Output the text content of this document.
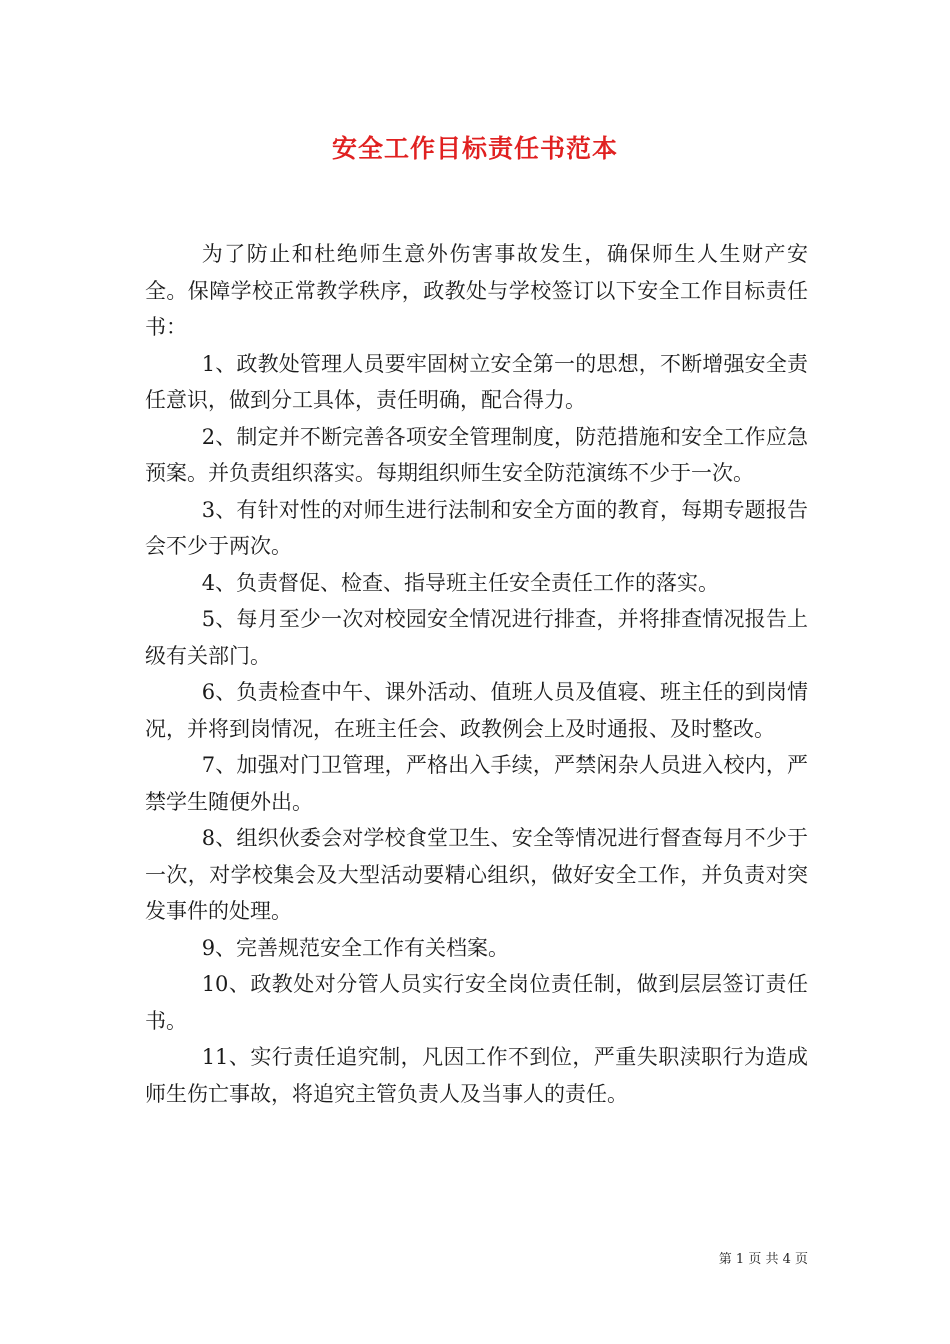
安全工作目标责任书范本

为了防止和杜绝师生意外伤害事故发生，确保师生人生财产安全。保障学校正常教学秩序，政教处与学校签订以下安全工作目标责任书：

1、政教处管理人员要牢固树立安全第一的思想，不断增强安全责任意识，做到分工具体，责任明确，配合得力。

2、制定并不断完善各项安全管理制度，防范措施和安全工作应急预案。并负责组织落实。每期组织师生安全防范演练不少于一次。

3、有针对性的对师生进行法制和安全方面的教育，每期专题报告会不少于两次。

4、负责督促、检查、指导班主任安全责任工作的落实。

5、每月至少一次对校园安全情况进行排查，并将排查情况报告上级有关部门。

6、负责检查中午、课外活动、值班人员及值寝、班主任的到岗情况，并将到岗情况，在班主任会、政教例会上及时通报、及时整改。

7、加强对门卫管理，严格出入手续，严禁闲杂人员进入校内，严禁学生随便外出。

8、组织伙委会对学校食堂卫生、安全等情况进行督查每月不少于一次，对学校集会及大型活动要精心组织，做好安全工作，并负责对突发事件的处理。

9、完善规范安全工作有关档案。

10、政教处对分管人员实行安全岗位责任制，做到层层签订责任书。

11、实行责任追究制，凡因工作不到位，严重失职渎职行为造成师生伤亡事故，将追究主管负责人及当事人的责任。

第 1 页 共 4 页
